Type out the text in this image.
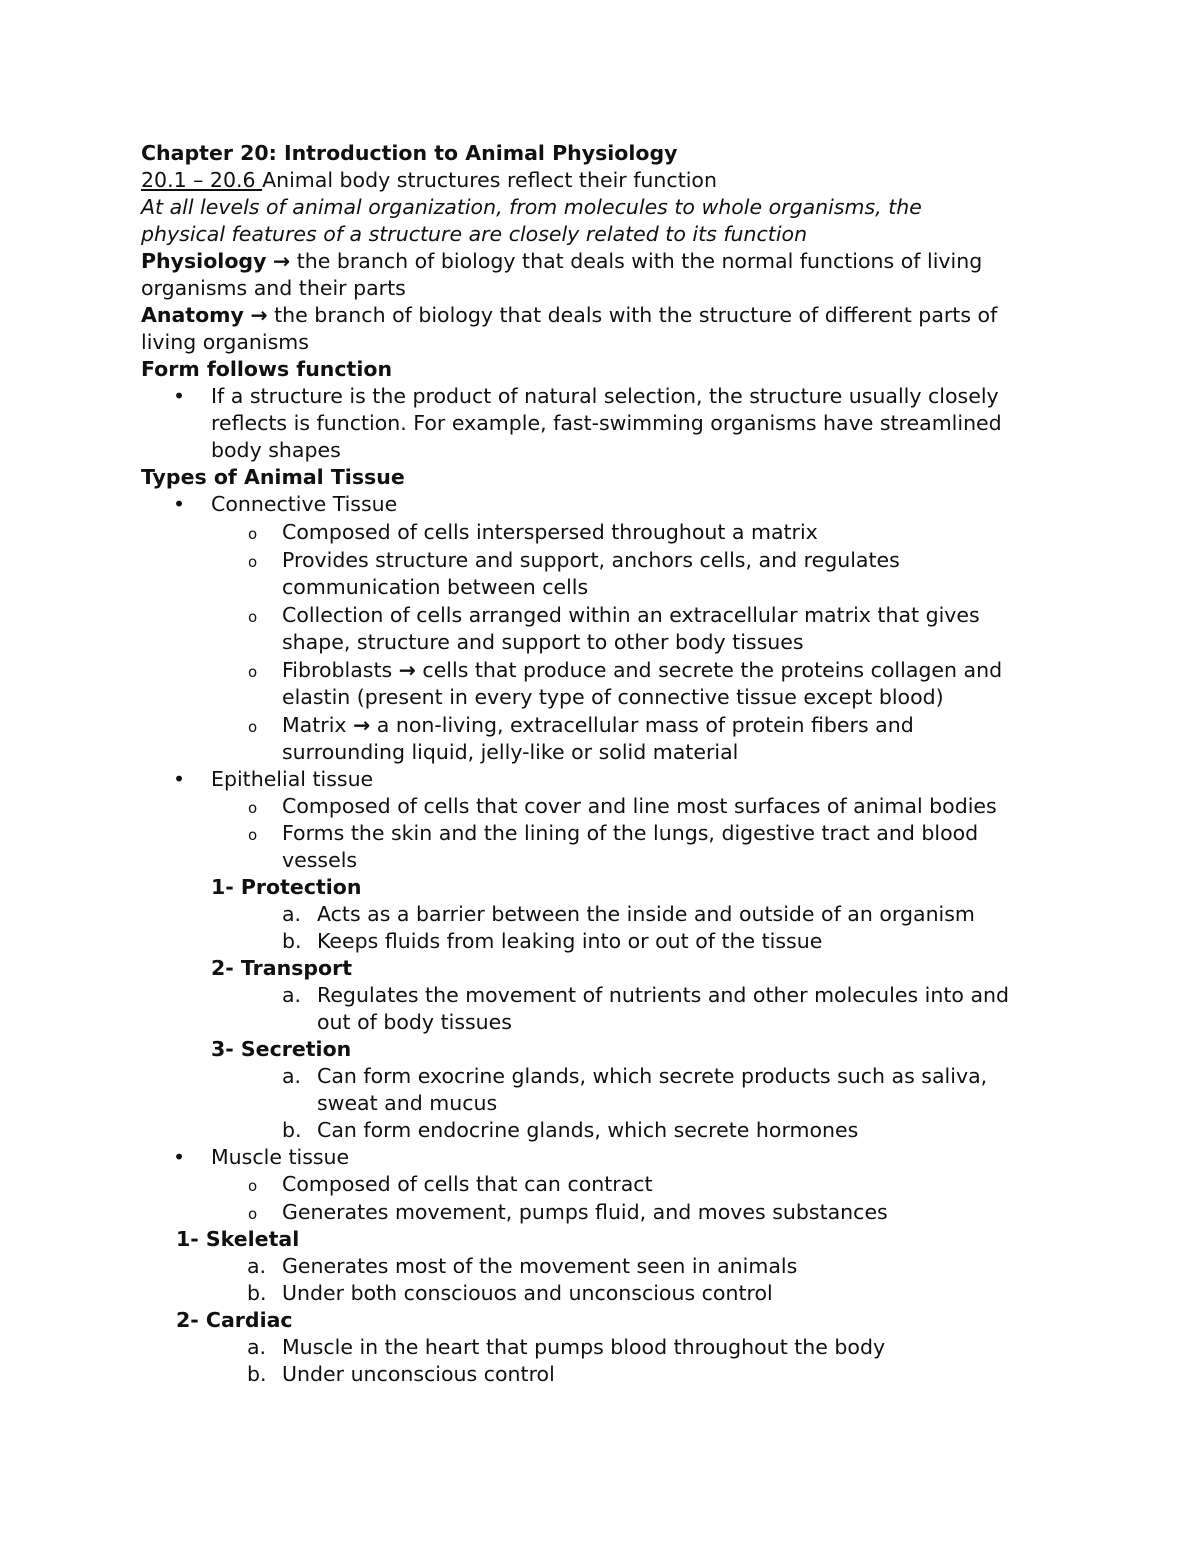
Chapter 20: Introduction to Animal Physiology
20.1 – 20.6 Animal body structures reflect their function
At all levels of animal organization, from molecules to whole organisms, the
physical features of a structure are closely related to its function
Physiology → the branch of biology that deals with the normal functions of living
organisms and their parts
Anatomy → the branch of biology that deals with the structure of different parts of
living organisms
Form follows function
• If a structure is the product of natural selection, the structure usually closely
reflects is function. For example, fast-swimming organisms have streamlined
body shapes
Types of Animal Tissue
• Connective Tissue
o Composed of cells interspersed throughout a matrix
o Provides structure and support, anchors cells, and regulates
communication between cells
o Collection of cells arranged within an extracellular matrix that gives
shape, structure and support to other body tissues
o Fibroblasts → cells that produce and secrete the proteins collagen and
elastin (present in every type of connective tissue except blood)
o Matrix → a non-living, extracellular mass of protein fibers and
surrounding liquid, jelly-like or solid material
• Epithelial tissue
o Composed of cells that cover and line most surfaces of animal bodies
o Forms the skin and the lining of the lungs, digestive tract and blood
vessels
1- Protection
a. Acts as a barrier between the inside and outside of an organism
b. Keeps fluids from leaking into or out of the tissue
2- Transport
a. Regulates the movement of nutrients and other molecules into and
out of body tissues
3- Secretion
a. Can form exocrine glands, which secrete products such as saliva,
sweat and mucus
b. Can form endocrine glands, which secrete hormones
• Muscle tissue
o Composed of cells that can contract
o Generates movement, pumps fluid, and moves substances
1- Skeletal
a. Generates most of the movement seen in animals
b. Under both consciouos and unconscious control
2- Cardiac
a. Muscle in the heart that pumps blood throughout the body
b. Under unconscious control
